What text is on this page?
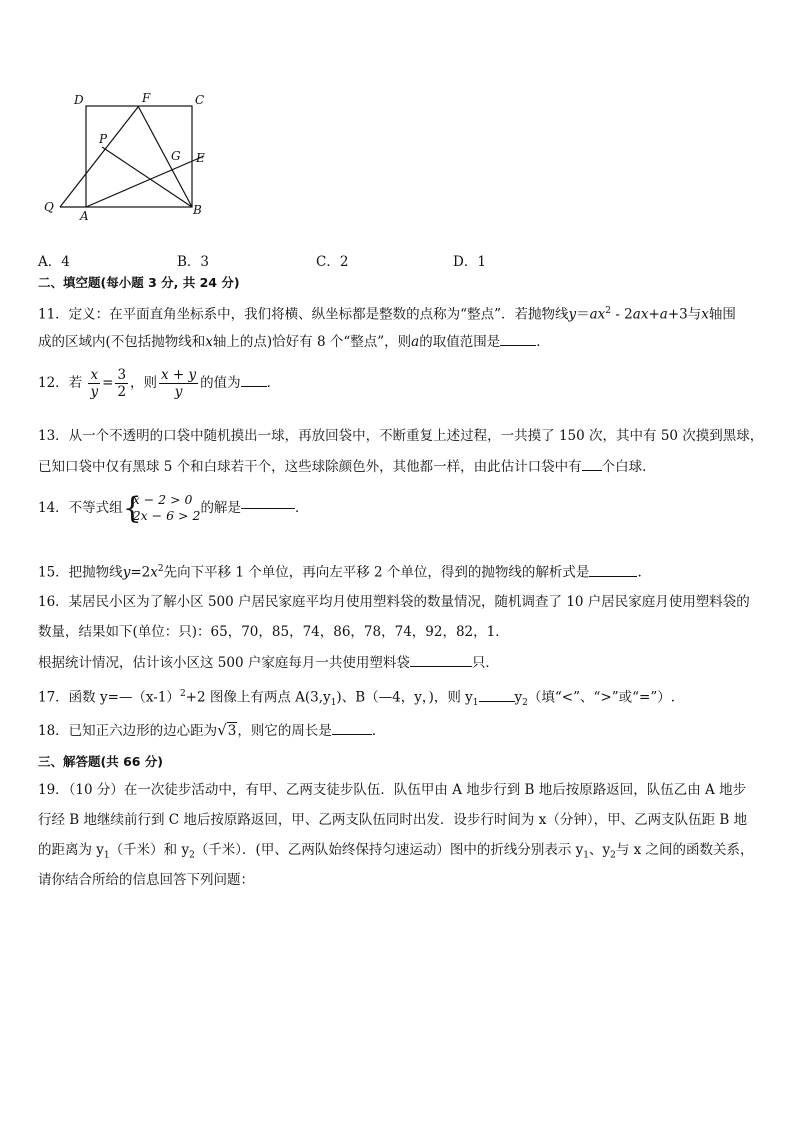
D	F	C
P
G E
Q
A	B
A．4	B．3	C．2	D．1
二、填空题(每小题 3 分, 共 24 分)
11．定义：在平面直角坐标系中，我们将横、纵坐标都是整数的点称为“整点”．若抛物线$y=ax^2 - 2ax+a+3$与x轴围
成的区域内(不包括抛物线和x轴上的点)恰好有 8 个“整点”，则a的取值范围是	．
12．若 $\frac{x}{y} = \frac{3}{2}$ ，则 $\frac{x + y}{y}$ 的值为 ．
13．从一个不透明的口袋中随机摸出一球，再放回袋中，不断重复上述过程，一共摸了 150 次，其中有 50 次摸到黑球，
已知口袋中仅有黑球 5 个和白球若干个，这些球除颜色外，其他都一样，由此估计口袋中有 个白球．
14．不等式组 {
x − 2 > 0
2x − 6 > 2 的解是	．
15．把抛物线$y=2x^2$先向下平移 1 个单位，再向左平移 2 个单位，得到的抛物线的解析式是	.
16．某居民小区为了解小区 500 户居民家庭平均月使用塑料袋的数量情况，随机调查了 10 户居民家庭月使用塑料袋的
数量，结果如下(单位：只)：65，70，85，74，86，78，74，92，82，1．
根据统计情况，估计该小区这 500 户家庭每月一共使用塑料袋	只．
17．函数 $y=—(x-1)^2+2$ 图像上有两点 $A(3,y_1)$、B（—4，y，)，则 $y_1$	$y_2$（填“<”、“>”或“=”）.
18．已知正六边形的边心距为√3，则它的周长是	．
三、解答题(共 66 分)
19．（10 分）在一次徒步活动中，有甲、乙两支徒步队伍．队伍甲由 A 地步行到 B 地后按原路返回，队伍乙由 A 地步
行经 B 地继续前行到 C 地后按原路返回，甲、乙两支队伍同时出发．设步行时间为 x（分钟），甲、乙两支队伍距 B 地
的距离为 $y_1$（千米）和 $y_2$（千米）．(甲、乙两队始终保持匀速运动）图中的折线分别表示 $y_1$、$y_2$与 x 之间的函数关系，
请你结合所给的信息回答下列问题：
